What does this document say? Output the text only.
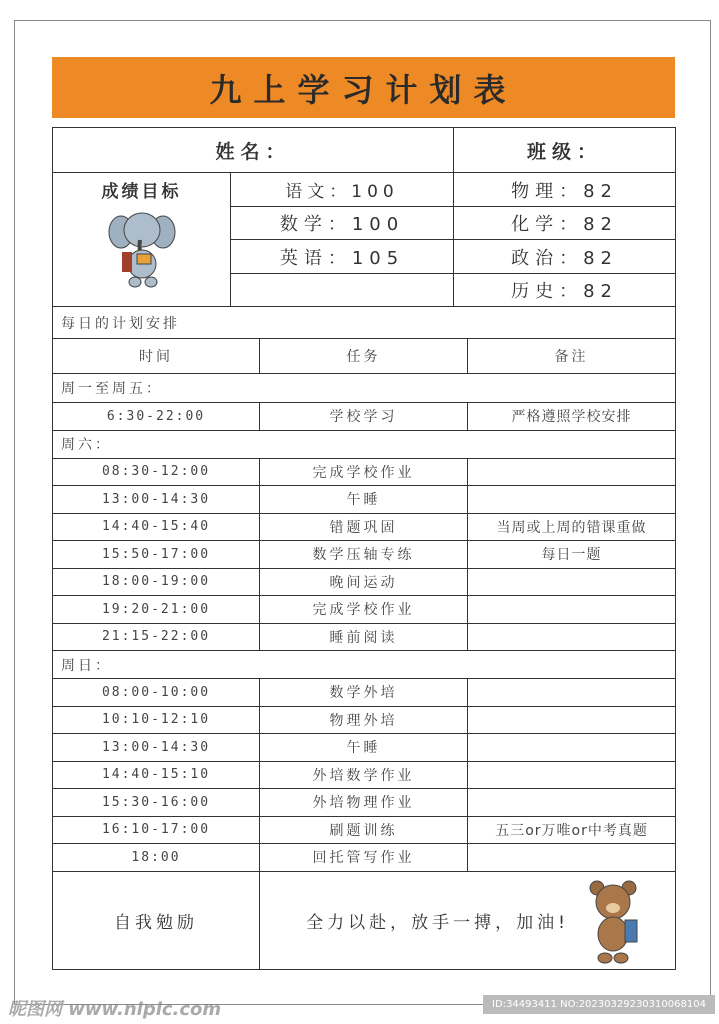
九上学习计划表
姓名：			班级：	

成绩目标	语文：100		物理：82	
	数学：100		化学：82	
	英语：105		政治：82	
			历史：82	
每日的计划安排				
时间		任务		备注
周一至周五：				
6:30-22:00		学校学习		严格遵照学校安排
周六：				
08:30-12:00		完成学校作业		
13:00-14:30		午睡		
14:40-15:40		错题巩固		当周或上周的错课重做
15:50-17:00		数学压轴专练		每日一题
18:00-19:00		晚间运动		
19:20-21:00		完成学校作业		
21:15-22:00		睡前阅读		
周日：				
08:00-10:00		数学外培		
10:10-12:10		物理外培		
13:00-14:30		午睡		
14:40-15:10		外培数学作业		
15:30-16:00		外培物理作业		
16:10-17:00		刷题训练		五三or万唯or中考真题
18:00		回托管写作业		
自我勉励		全力以赴，放手一搏，加油!		
昵图网 www.nipic.com	ID:34493411 NO:20230329230310068104
